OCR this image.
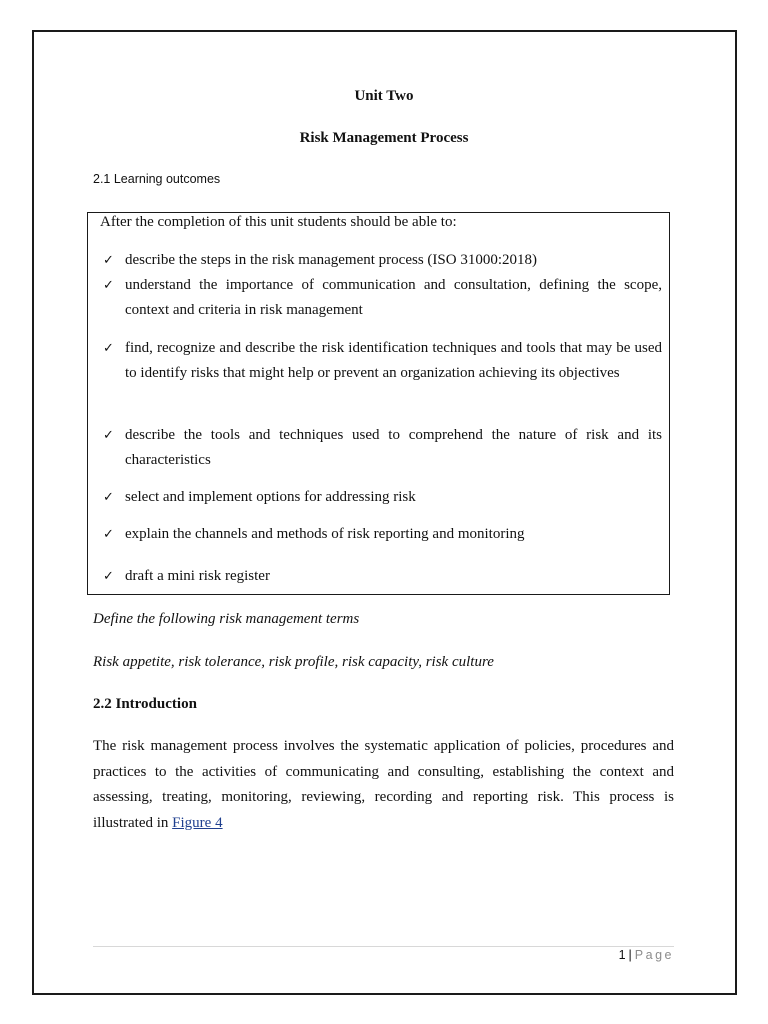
Unit Two
Risk Management Process
2.1 Learning outcomes
After the completion of this unit students should be able to:
✓ describe the steps in the risk management process (ISO 31000:2018)
✓ understand the importance of communication and consultation, defining the scope, context and criteria in risk management
✓ find, recognize and describe the risk identification techniques and tools that may be used to identify risks that might help or prevent an organization achieving its objectives
✓ describe the tools and techniques used to comprehend the nature of risk and its characteristics
✓ select and implement options for addressing risk
✓ explain the channels and methods of risk reporting and monitoring
✓ draft a mini risk register
Define the following risk management terms
Risk appetite, risk tolerance, risk profile, risk capacity, risk culture
2.2 Introduction
The risk management process involves the systematic application of policies, procedures and practices to the activities of communicating and consulting, establishing the context and assessing, treating, monitoring, reviewing, recording and reporting risk. This process is illustrated in Figure 4
1 | Page
